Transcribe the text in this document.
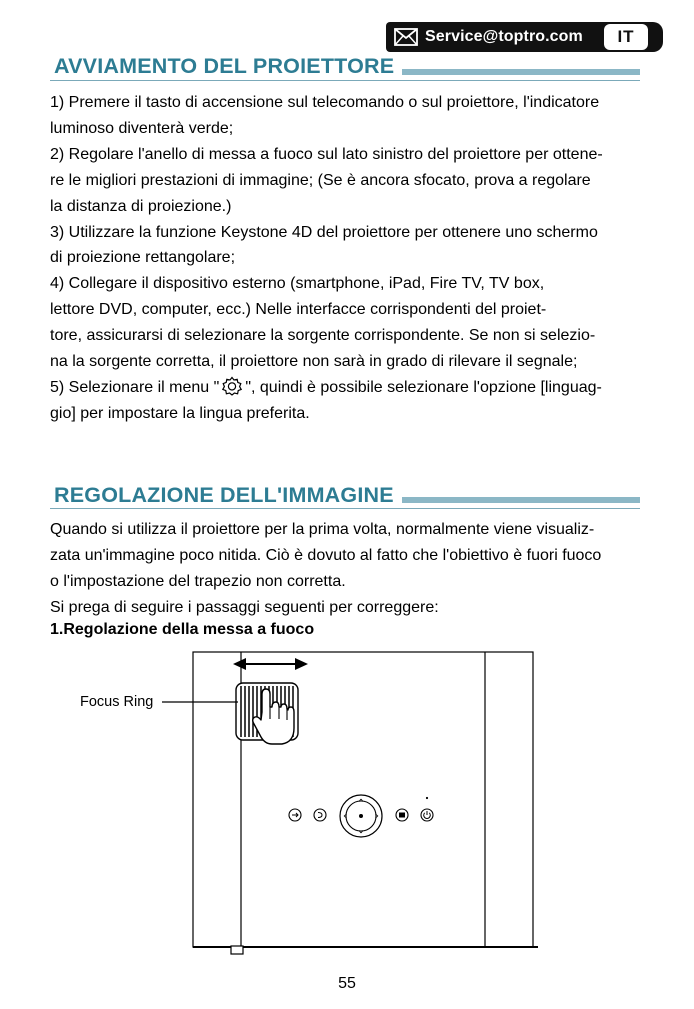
Service@toptro.com	IT
AVVIAMENTO DEL PROIETTORE

1) Premere il tasto di accensione sul telecomando o sul proiettore, l'indicatore

luminoso diventerà verde;

2) Regolare l'anello di messa a fuoco sul lato sinistro del proiettore per ottene-

re le migliori prestazioni di immagine; (Se è ancora sfocato, prova a regolare

la distanza di proiezione.)

3) Utilizzare la funzione Keystone 4D del proiettore per ottenere uno schermo

di proiezione rettangolare;

4) Collegare il dispositivo esterno (smartphone, iPad, Fire TV, TV box,

lettore DVD, computer, ecc.) Nelle interfacce corrispondenti del proiet-

tore, assicurarsi di selezionare la sorgente corrispondente. Se non si selezio-

na la sorgente corretta, il proiettore non sarà in grado di rilevare il segnale;

5) Selezionare il menu " ", quindi è possibile selezionare l'opzione [linguag-

gio] per impostare la lingua preferita.

REGOLAZIONE DELL'IMMAGINE

Quando si utilizza il proiettore per la prima volta, normalmente viene visualiz-

zata un'immagine poco nitida. Ciò è dovuto al fatto che l'obiettivo è fuori fuoco

o l'impostazione del trapezio non corretta.

Si prega di seguire i passaggi seguenti per correggere:

1.Regolazione della messa a fuoco
Focus Ring
55
